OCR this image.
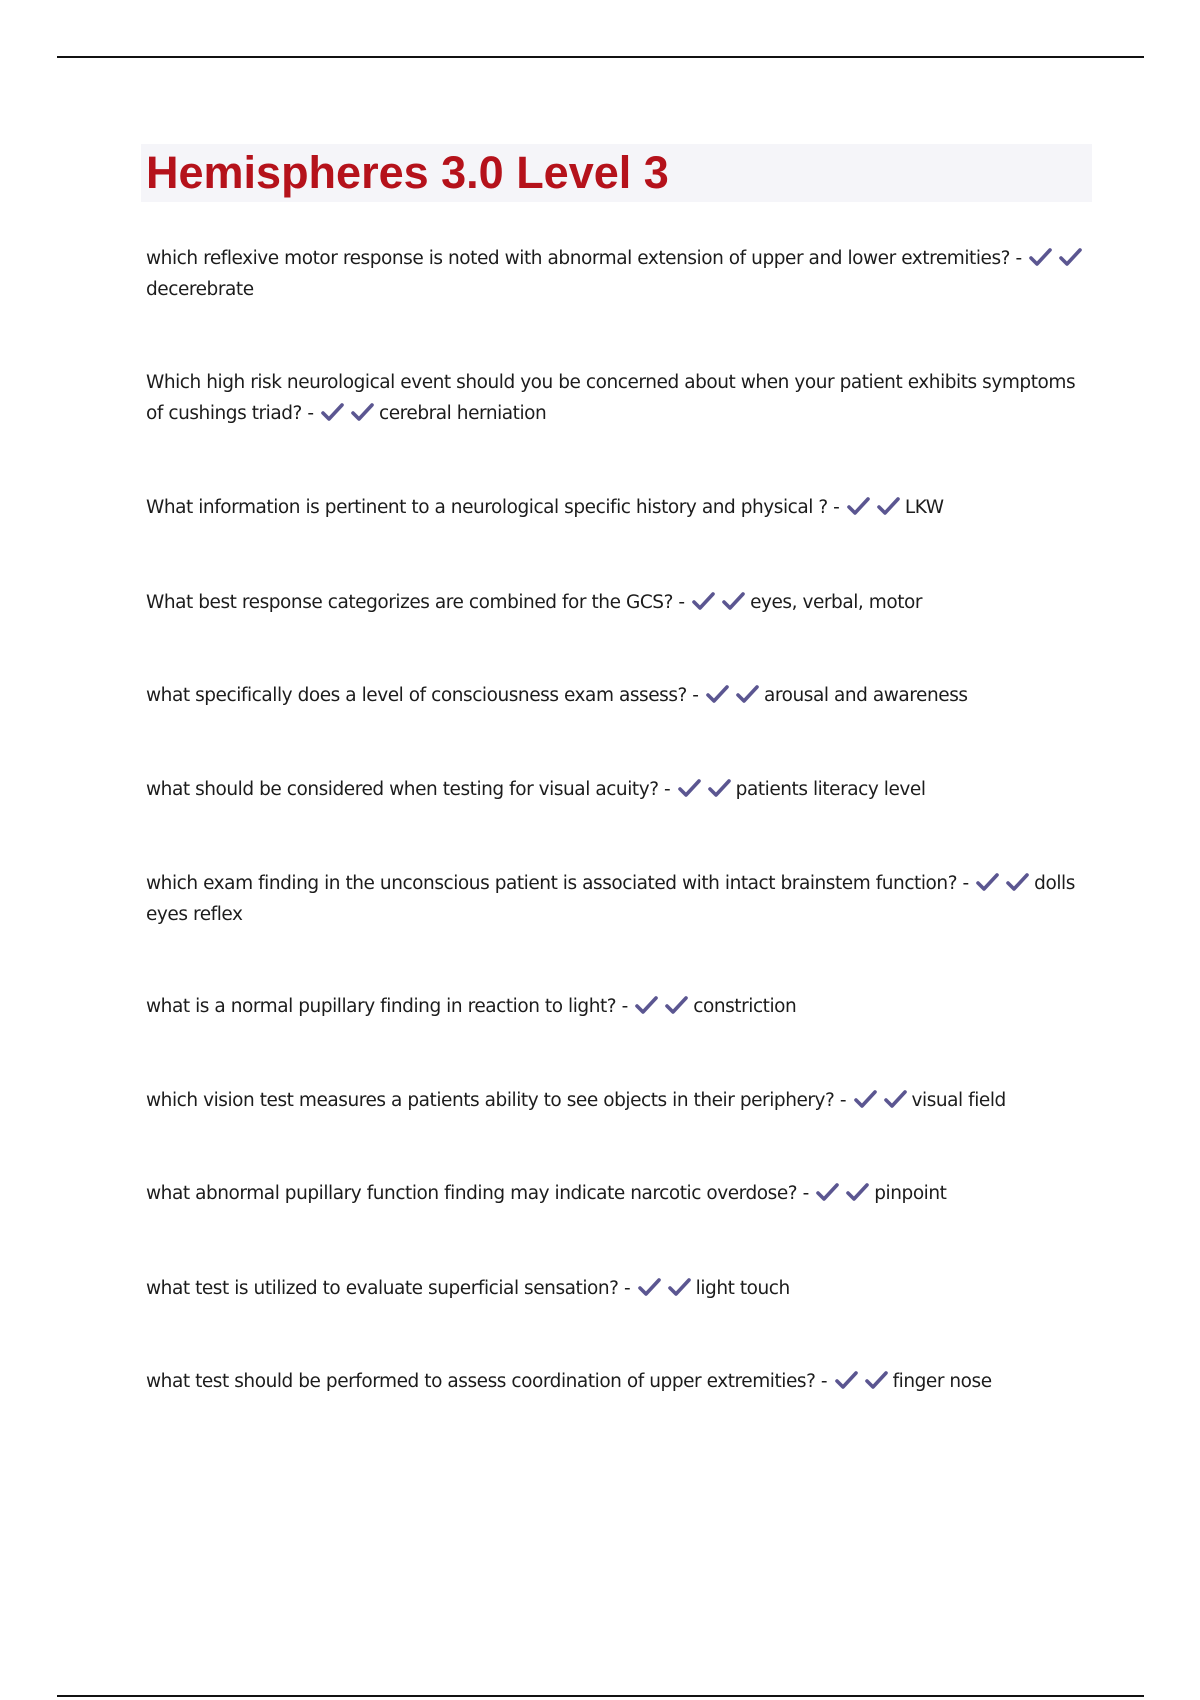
Hemispheres 3.0 Level 3

which reflexive motor response is noted with abnormal extension of upper and lower extremities? -
decerebrate

Which high risk neurological event should you be concerned about when your patient exhibits symptoms of cushings triad? -	cerebral herniation

What information is pertinent to a neurological specific history and physical ? -	LKW

What best response categorizes are combined for the GCS? -	eyes, verbal, motor

what specifically does a level of consciousness exam assess? -	arousal and awareness

what should be considered when testing for visual acuity? -	patients literacy level

which exam finding in the unconscious patient is associated with intact brainstem function? -	dolls eyes reflex

what is a normal pupillary finding in reaction to light? -	constriction

which vision test measures a patients ability to see objects in their periphery? -	visual field

what abnormal pupillary function finding may indicate narcotic overdose? -	pinpoint

what test is utilized to evaluate superficial sensation? -	light touch

what test should be performed to assess coordination of upper extremities? -	finger nose
